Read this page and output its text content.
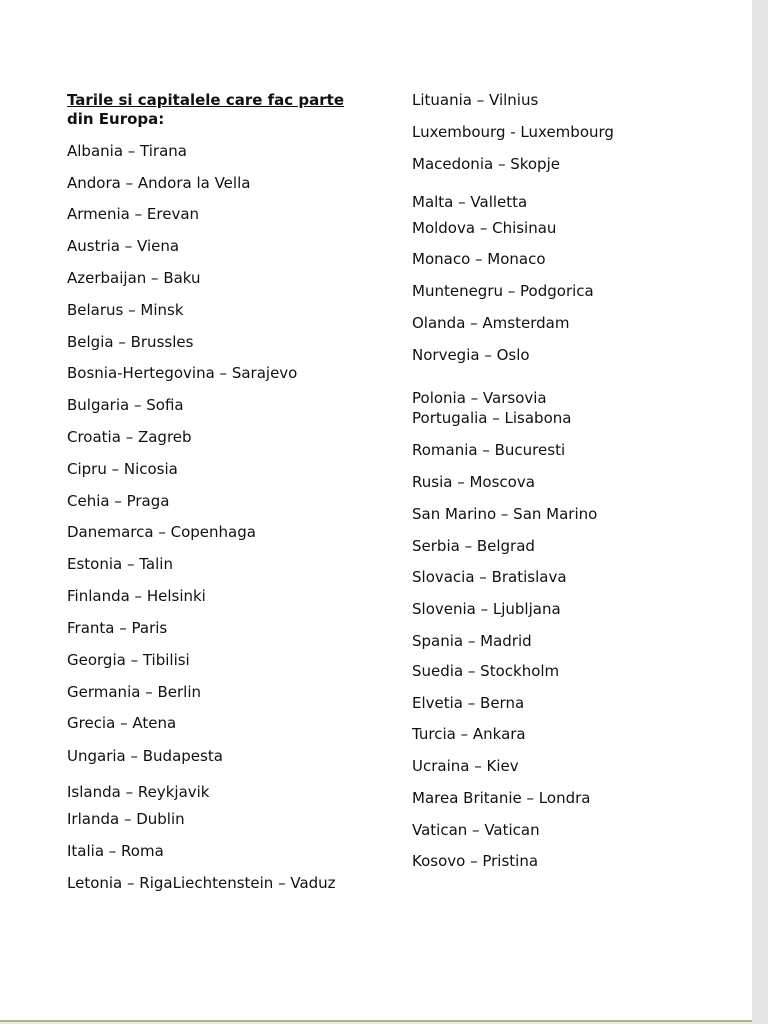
Tarile si capitalele care fac parte
din Europa:
Albania – Tirana
Andora – Andora la Vella
Armenia – Erevan
Austria – Viena
Azerbaijan – Baku
Belarus – Minsk
Belgia – Brussles
Bosnia-Hertegovina – Sarajevo
Bulgaria – Sofia
Croatia – Zagreb
Cipru – Nicosia
Cehia – Praga
Danemarca – Copenhaga
Estonia – Talin
Finlanda – Helsinki
Franta – Paris
Georgia – Tibilisi
Germania – Berlin
Grecia – Atena
Ungaria – Budapesta
Islanda – Reykjavik
Irlanda – Dublin
Italia – Roma
Letonia – RigaLiechtenstein – Vaduz
Lituania – Vilnius
Luxembourg - Luxembourg
Macedonia – Skopje
Malta – Valletta
Moldova – Chisinau
Monaco – Monaco
Muntenegru – Podgorica
Olanda – Amsterdam
Norvegia – Oslo
Polonia – Varsovia
Portugalia – Lisabona
Romania – Bucuresti
Rusia – Moscova
San Marino – San Marino
Serbia – Belgrad
Slovacia – Bratislava
Slovenia – Ljubljana
Spania – Madrid
Suedia – Stockholm
Elvetia – Berna
Turcia – Ankara
Ucraina – Kiev
Marea Britanie – Londra
Vatican – Vatican
Kosovo – Pristina
